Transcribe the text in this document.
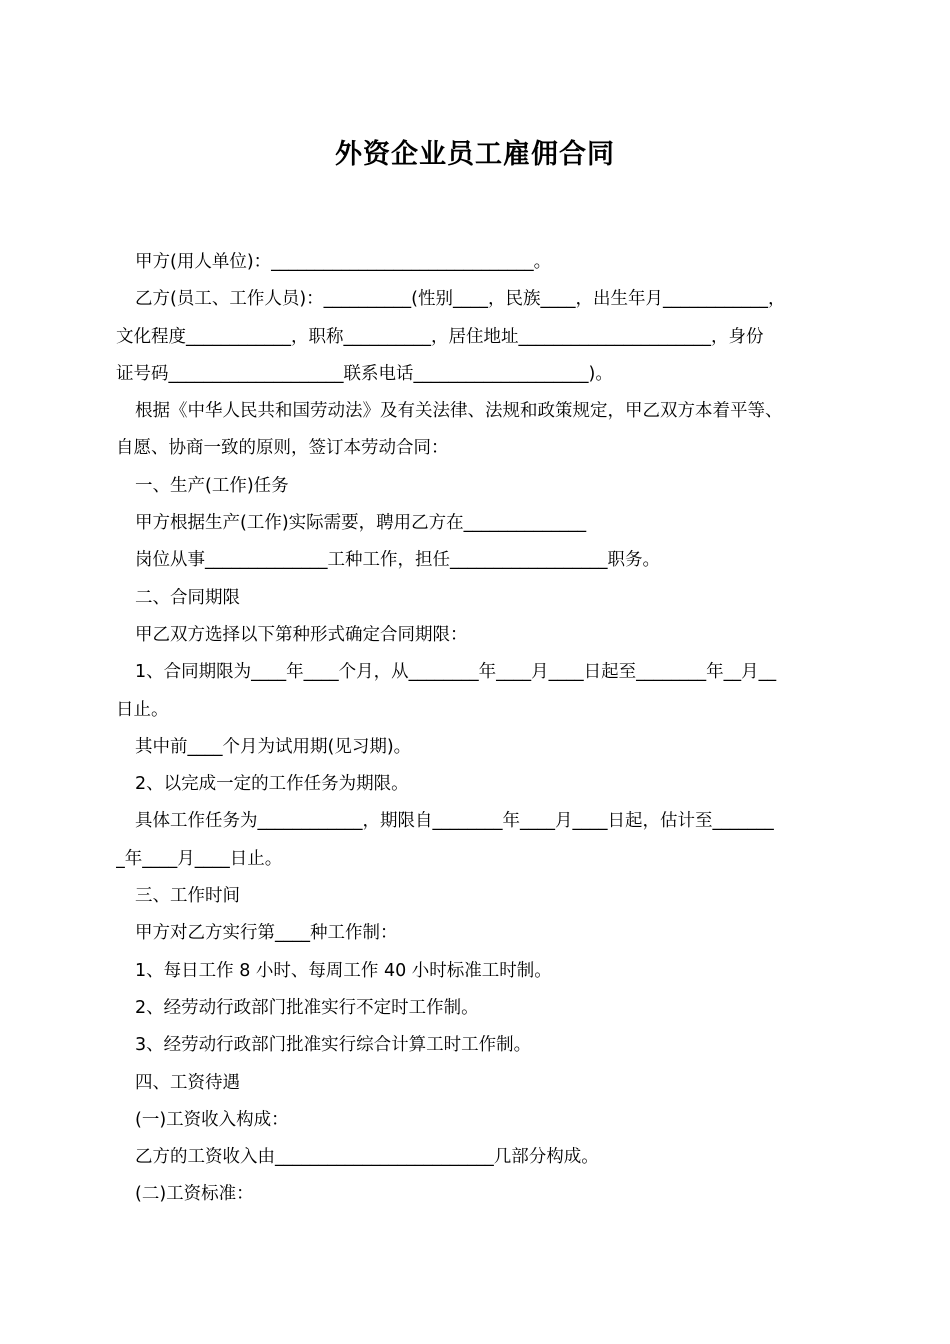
外资企业员工雇佣合同
甲方(用人单位)：______________________________。
乙方(员工、工作人员)：__________(性别____，民族____，出生年月____________，
文化程度____________，职称__________，居住地址______________________，身份
证号码____________________联系电话____________________)。
根据《中华人民共和国劳动法》及有关法律、法规和政策规定，甲乙双方本着平等、
自愿、协商一致的原则，签订本劳动合同：
一、生产(工作)任务
甲方根据生产(工作)实际需要，聘用乙方在______________
岗位从事______________工种工作，担任__________________职务。
二、合同期限
甲乙双方选择以下第种形式确定合同期限：
1、合同期限为____年____个月，从________年____月____日起至________年__月__
日止。
其中前____个月为试用期(见习期)。
2、以完成一定的工作任务为期限。
具体工作任务为____________，期限自________年____月____日起，估计至_______
_年____月____日止。
三、工作时间
甲方对乙方实行第____种工作制：
1、每日工作 8 小时、每周工作 40 小时标准工时制。
2、经劳动行政部门批准实行不定时工作制。
3、经劳动行政部门批准实行综合计算工时工作制。
四、工资待遇
(一)工资收入构成：
乙方的工资收入由_________________________几部分构成。
(二)工资标准：
